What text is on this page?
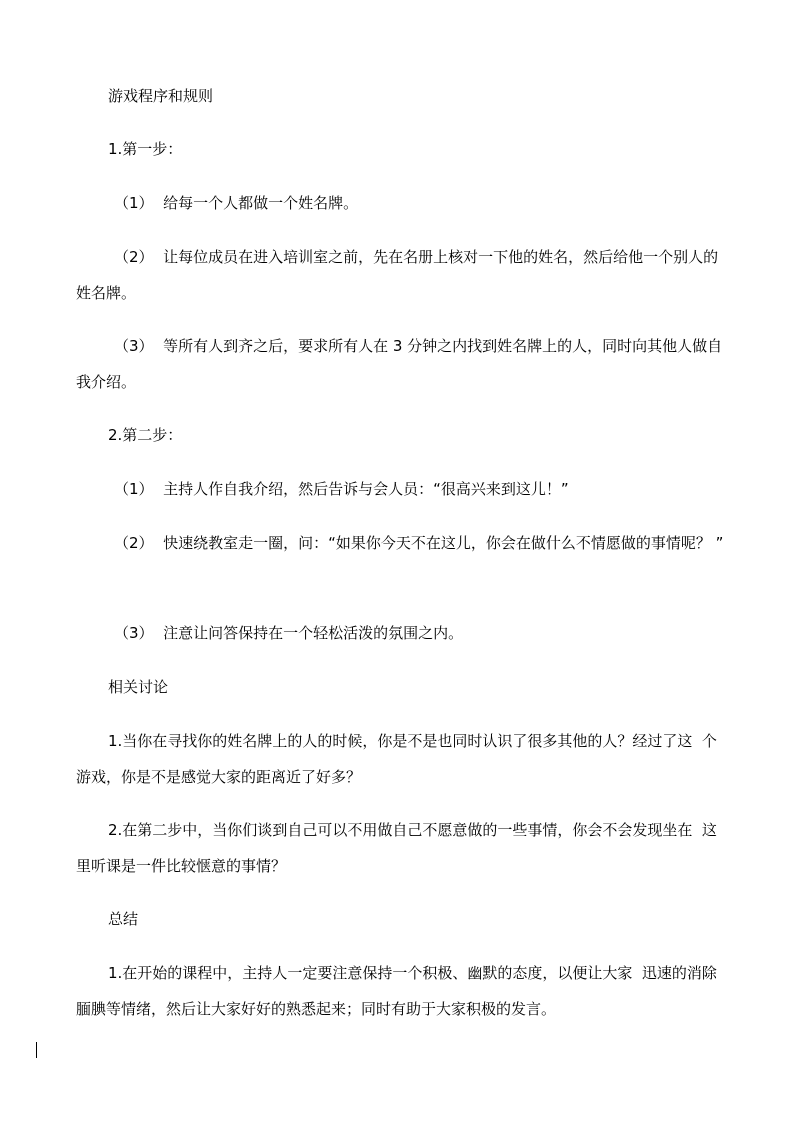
游戏程序和规则

1.第一步：

（1）  给每一个人都做一个姓名牌。

（2）  让每位成员在进入培训室之前，先在名册上核对一下他的姓名，然后给他一个别人的姓名牌。

（3）  等所有人到齐之后，要求所有人在 3 分钟之内找到姓名牌上的人，同时向其他人做自我介绍。

2.第二步：

（1）  主持人作自我介绍，然后告诉与会人员：“很高兴来到这儿！”

（2）  快速绕教室走一圈，问：“如果你今天不在这儿，你会在做什么不情愿做的事情呢？ ”

（3）  注意让问答保持在一个轻松活泼的氛围之内。

相关讨论

1.当你在寻找你的姓名牌上的人的时候，你是不是也同时认识了很多其他的人？经过了这  个游戏，你是不是感觉大家的距离近了好多？

2.在第二步中，当你们谈到自己可以不用做自己不愿意做的一些事情，你会不会发现坐在  这里听课是一件比较惬意的事情？

总结

1.在开始的课程中，主持人一定要注意保持一个积极、幽默的态度，以便让大家  迅速的消除腼腆等情绪，然后让大家好好的熟悉起来；同时有助于大家积极的发言。
